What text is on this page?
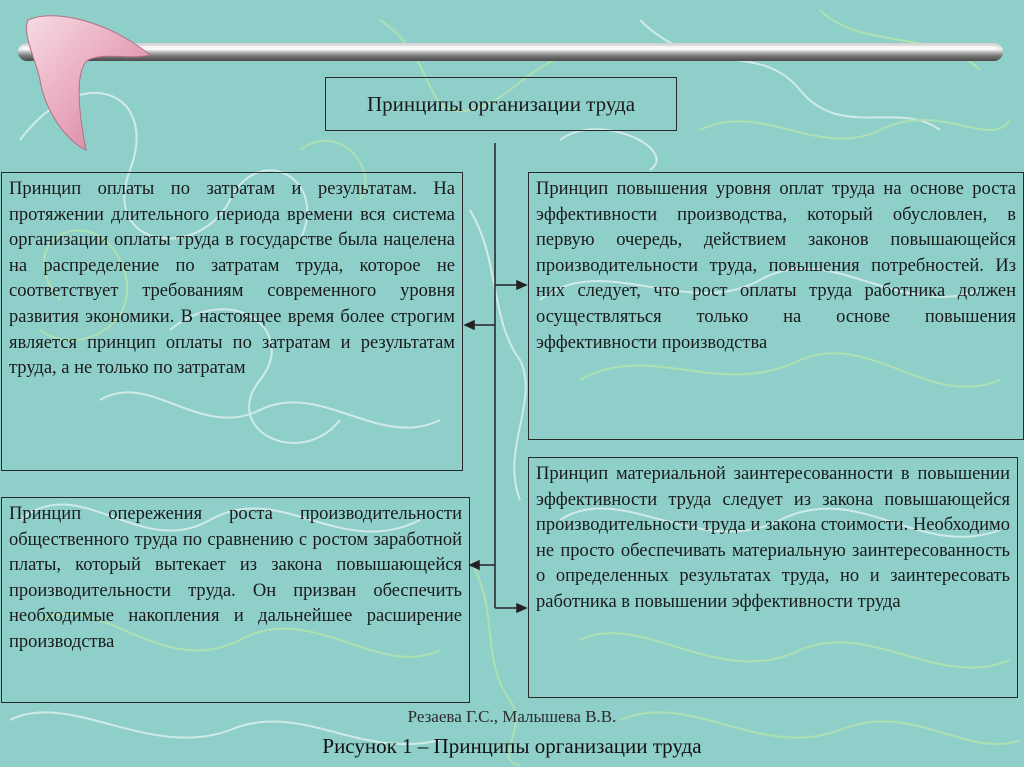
Принципы организации труда
Принцип оплаты по затратам и результатам. На протяжении длительного периода времени вся система организации оплаты труда в государстве была нацелена на распределение по затратам труда, которое не соответствует требованиям современного уровня развития экономики. В настоящее время более строгим является принцип оплаты по затратам и результатам труда, а не только по затратам
Принцип опережения роста производительности общественного труда по сравнению с ростом заработной платы, который вытекает из закона повышающейся производительности труда. Он призван обеспечить необходимые накопления и дальнейшее расширение производства
Принцип повышения уровня оплат труда на основе роста эффективности производства, который обусловлен, в первую очередь, действием законов повышающейся производительности труда, повышения потребностей. Из них следует, что рост оплаты труда работника должен осуществляться только на основе повышения эффективности производства
Принцип материальной заинтересованности в повышении эффективности труда следует из закона повышающейся производительности труда и закона стоимости. Необходимо не просто обеспечивать материальную заинтересованность о определенных результатах труда, но и заинтересовать работника в повышении эффективности труда
Резаева Г.С., Малышева В.В.
Рисунок 1 – Принципы организации труда
